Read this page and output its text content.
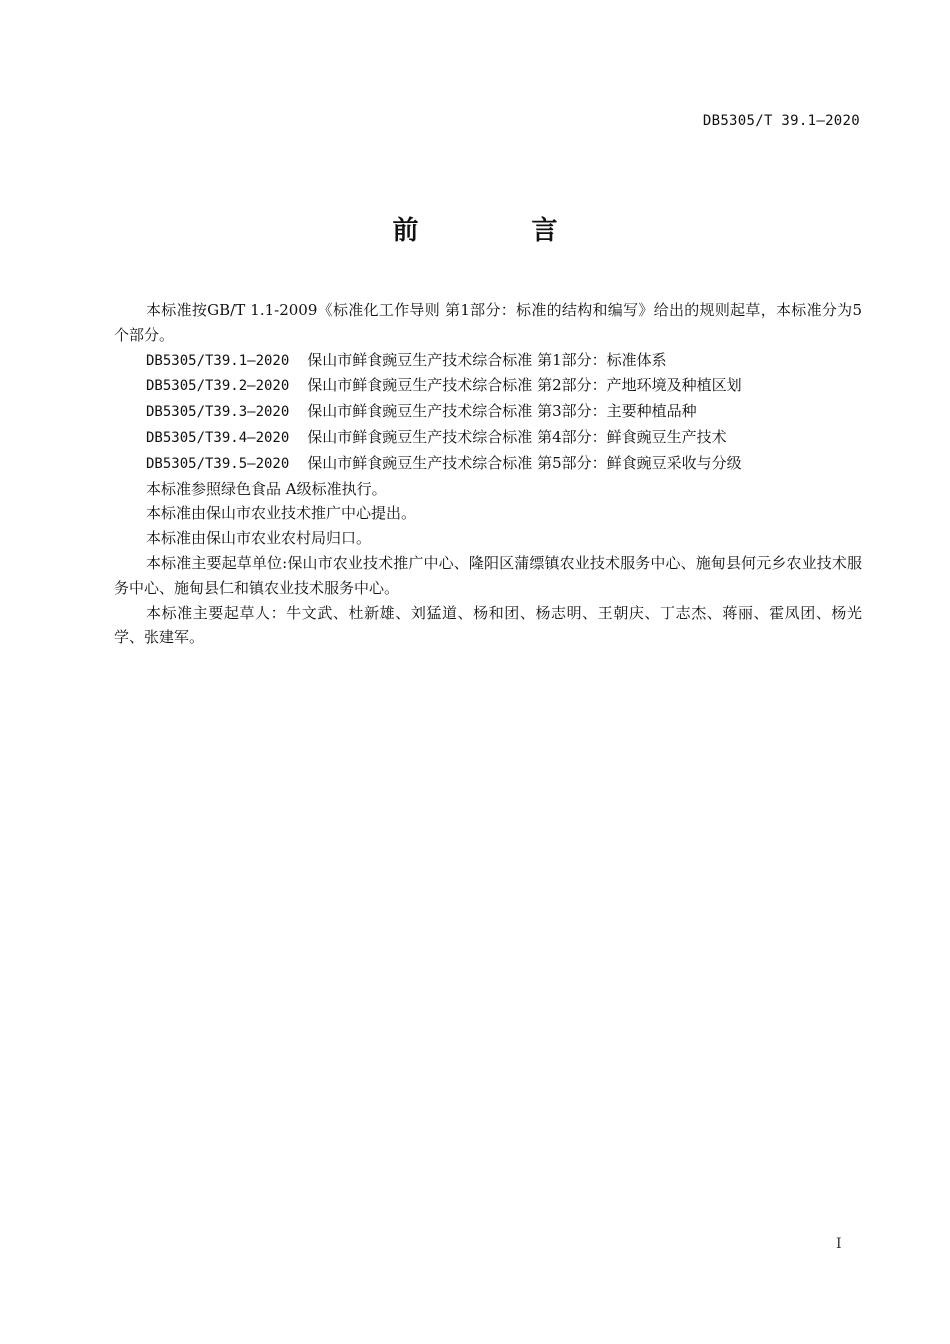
DB5305/T 39.1—2020
前 言

本标准按GB/T 1.1-2009《标准化工作导则 第1部分：标准的结构和编写》给出的规则起草，本标准分为5个部分。

DB5305/T39.1—2020 保山市鲜食豌豆生产技术综合标准 第1部分：标准体系

DB5305/T39.2—2020 保山市鲜食豌豆生产技术综合标准 第2部分：产地环境及种植区划

DB5305/T39.3—2020 保山市鲜食豌豆生产技术综合标准 第3部分：主要种植品种

DB5305/T39.4—2020 保山市鲜食豌豆生产技术综合标准 第4部分：鲜食豌豆生产技术

DB5305/T39.5—2020 保山市鲜食豌豆生产技术综合标准 第5部分：鲜食豌豆采收与分级

本标准参照绿色食品 A级标准执行。

本标准由保山市农业技术推广中心提出。

本标准由保山市农业农村局归口。

本标准主要起草单位:保山市农业技术推广中心、隆阳区蒲缥镇农业技术服务中心、施甸县何元乡农业技术服务中心、施甸县仁和镇农业技术服务中心。

本标准主要起草人：牛文武、杜新雄、刘猛道、杨和团、杨志明、王朝庆、丁志杰、蒋丽、霍凤团、杨光学、张建军。

I
